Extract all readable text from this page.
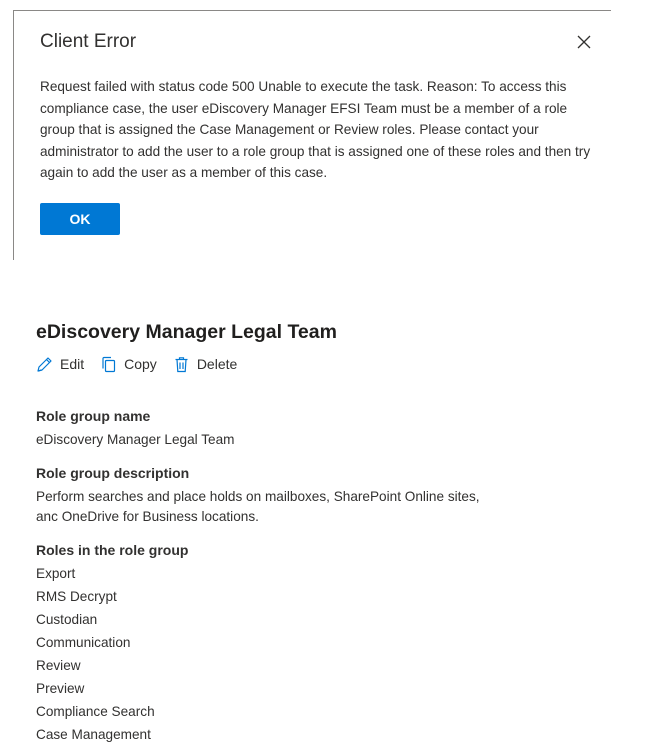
Client Error

Request failed with status code 500 Unable to execute the task. Reason: To access this compliance case, the user eDiscovery Manager EFSI Team must be a member of a role group that is assigned the Case Management or Review roles. Please contact your administrator to add the user to a role group that is assigned one of these roles and then try again to add the user as a member of this case.

OK
eDiscovery Manager Legal Team
Edit	Copy	Delete

Role group name

eDiscovery Manager Legal Team

Role group description

Perform searches and place holds on mailboxes, SharePoint Online sites, anc OneDrive for Business locations.

Roles in the role group

Export
RMS Decrypt
Custodian
Communication
Review
Preview
Compliance Search
Case Management
